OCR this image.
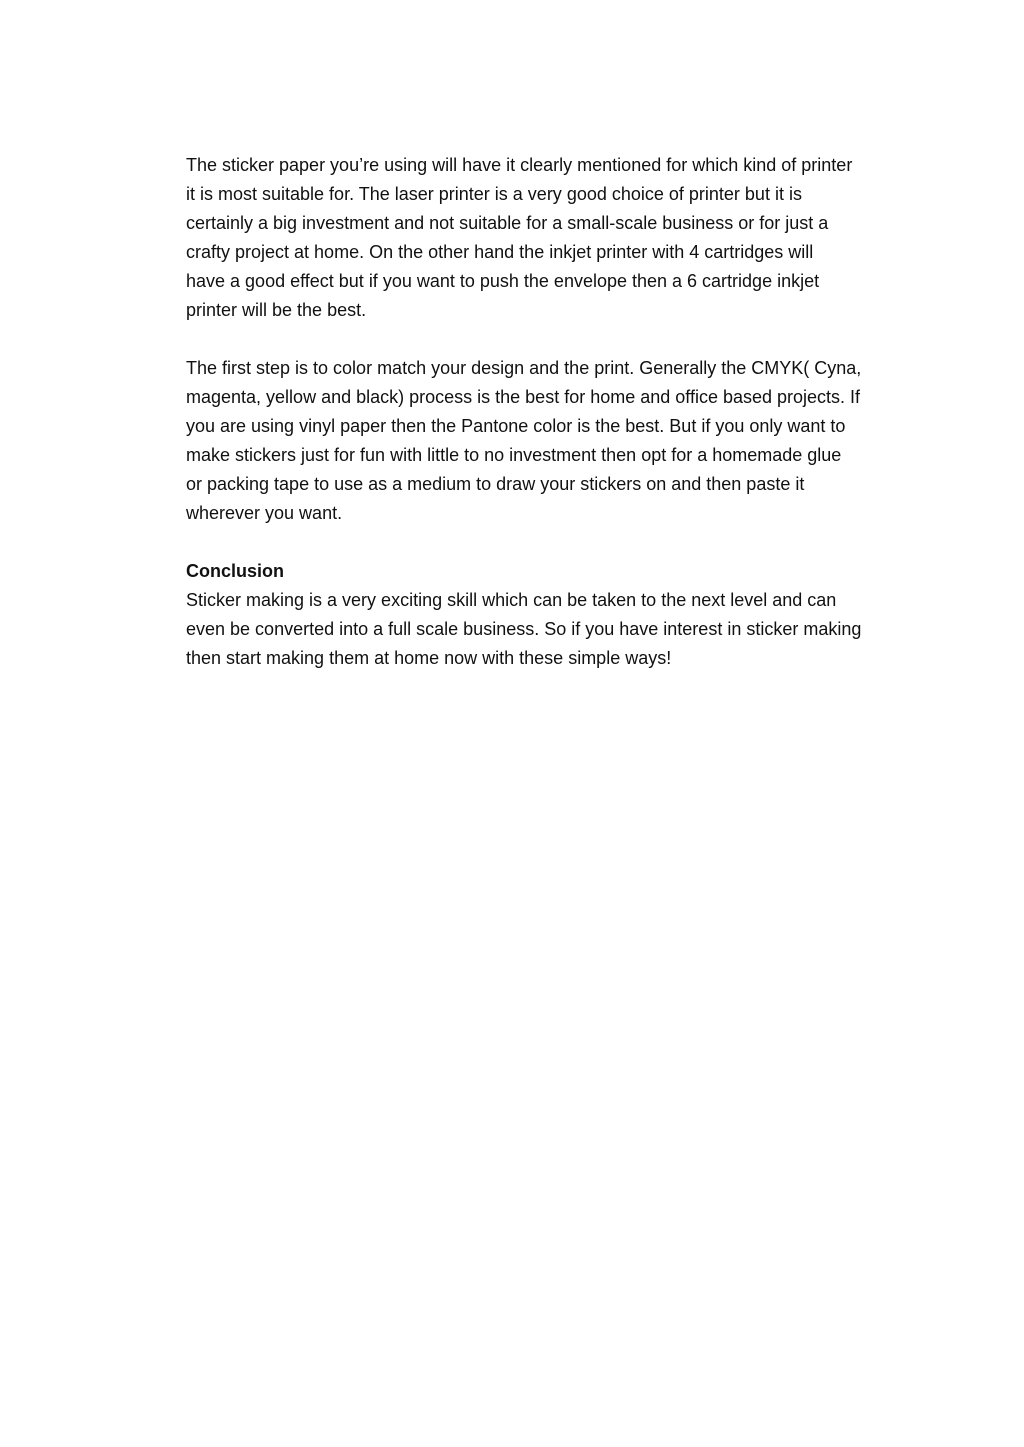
The sticker paper you’re using will have it clearly mentioned for which kind of printer
it is most suitable for. The laser printer is a very good choice of printer but it is
certainly a big investment and not suitable for a small-scale business or for just a
crafty project at home. On the other hand the inkjet printer with 4 cartridges will
have a good effect but if you want to push the envelope then a 6 cartridge inkjet
printer will be the best.
The first step is to color match your design and the print. Generally the CMYK( Cyna,
magenta, yellow and black) process is the best for home and office based projects. If
you are using vinyl paper then the Pantone color is the best. But if you only want to
make stickers just for fun with little to no investment then opt for a homemade glue
or packing tape to use as a medium to draw your stickers on and then paste it
wherever you want.
Conclusion
Sticker making is a very exciting skill which can be taken to the next level and can
even be converted into a full scale business. So if you have interest in sticker making
then start making them at home now with these simple ways!
